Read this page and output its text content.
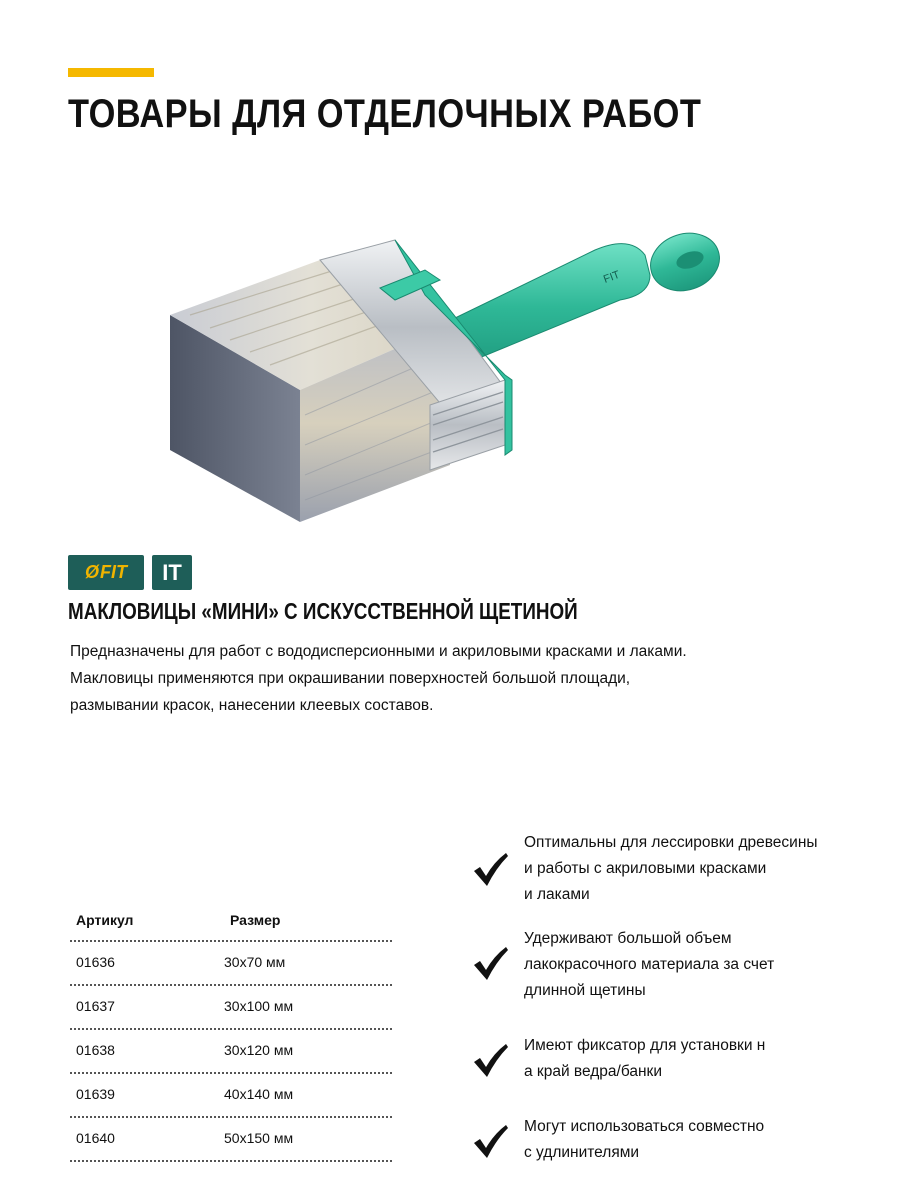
ТОВАРЫ ДЛЯ ОТДЕЛОЧНЫХ РАБОТ
FIT
Ø FIT	IT
МАКЛОВИЦЫ «МИНИ» С ИСКУССТВЕННОЙ ЩЕТИНОЙ

Предназначены для работ с вододисперсионными и акриловыми красками и лаками.

Макловицы применяются при окрашивании поверхностей большой площади,

размывании красок, нанесении клеевых составов.

Артикул	Размер
01636	30х70 мм
01637	30х100 мм
01638	30х120 мм
01639	40х140 мм
01640	50х150 мм
Оптимальны для лессировки древесины
и работы с акриловыми красками
и лаками
Удерживают большой объем
лакокрасочного материала за счет
длинной щетины
Имеют фиксатор для установки н
а край ведра/банки
Могут использоваться совместно
с удлинителями
